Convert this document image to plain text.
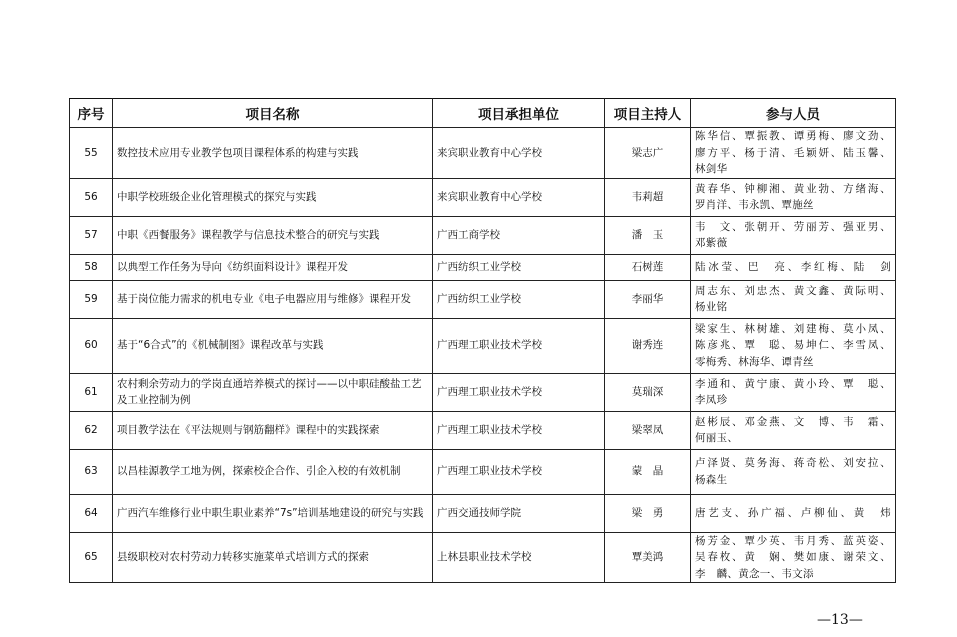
序号	项目名称	项目承担单位	项目主持人	参与人员
55	数控技术应用专业教学包项目课程体系的构建与实践	来宾职业教育中心学校	梁志广	陈华信、覃振教、谭勇梅、廖文劲、
廖方平、杨于清、毛颖妍、陆玉馨、
林剑华

56	中职学校班级企业化管理模式的探究与实践	来宾职业教育中心学校	韦莉超	黄春华、钟柳湘、黄业勃、方绪海、
罗肖洋、韦永凯、覃施丝

57	中职《西餐服务》课程教学与信息技术整合的研究与实践	广西工商学校	潘　玉	韦　文、张朝开、劳丽芳、强亚男、
邓紫薇

58	以典型工作任务为导向《纺织面料设计》课程开发	广西纺织工业学校	石树莲	陆冰莹、巴　亮、李红梅、陆　剑

59	基于岗位能力需求的机电专业《电子电器应用与维修》课程开发	广西纺织工业学校	李丽华	周志东、刘忠杰、黄文鑫、黄际明、
杨业铭

60	基于“6合式”的《机械制图》课程改革与实践	广西理工职业技术学校	谢秀连	梁家生、林树雄、刘建梅、莫小凤、
陈彦兆、覃　聪、易坤仁、李雪凤、
零梅秀、林海华、谭青丝

61	农村剩余劳动力的学岗直通培养模式的探讨——以中职硅酸盐工艺及工业控制为例	广西理工职业技术学校	莫瑞深	李通和、黄宁康、黄小玲、覃　聪、
李凤珍

62	项目教学法在《平法规则与钢筋翻样》课程中的实践探索	广西理工职业技术学校	梁翠凤	赵彬辰、邓金燕、文　博、韦　霜、
何丽玉、

63	以昌桂源教学工地为例，探索校企合作、引企入校的有效机制	广西理工职业技术学校	蒙　晶	卢泽贤、莫务海、蒋奇松、刘安拉、
杨森生

64	广西汽车维修行业中职生职业素养“7s”培训基地建设的研究与实践	广西交通技师学院	梁　勇	唐艺支、孙广福、卢柳仙、黄　炜

65	县级职校对农村劳动力转移实施菜单式培训方式的探索	上林县职业技术学校	覃美鸿	杨芳金、覃少英、韦月秀、蓝英姿、
吴春枚、黄　娴、樊如康、谢荣文、
李　麟、黄念一、韦文添
—13—
